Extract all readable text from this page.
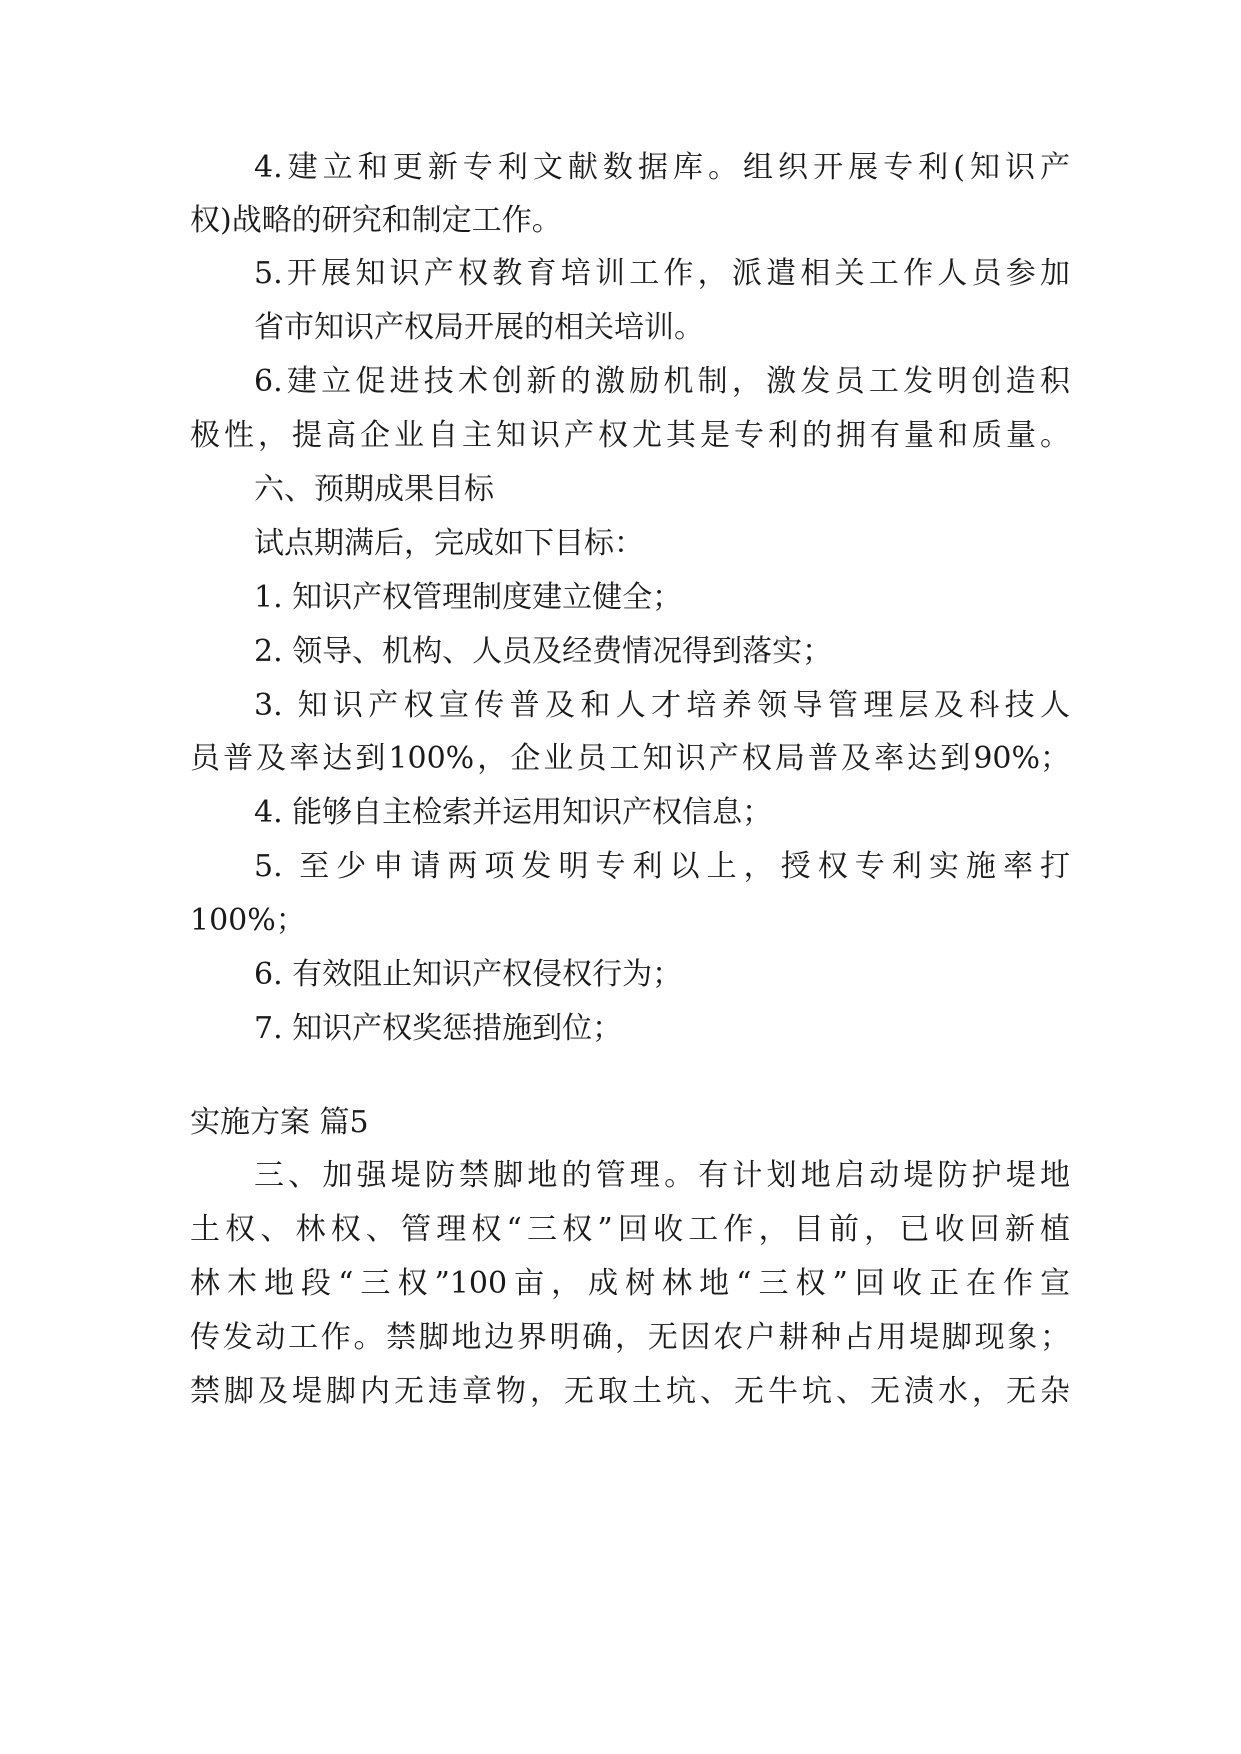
4.建立和更新专利文献数据库。组织开展专利(知识产
权)战略的研究和制定工作。
5.开展知识产权教育培训工作，派遣相关工作人员参加
省市知识产权局开展的相关培训。
6.建立促进技术创新的激励机制，激发员工发明创造积
极性，提高企业自主知识产权尤其是专利的拥有量和质量。
六、预期成果目标
试点期满后，完成如下目标：
1. 知识产权管理制度建立健全；
2. 领导、机构、人员及经费情况得到落实；
3. 知识产权宣传普及和人才培养领导管理层及科技人
员普及率达到100%，企业员工知识产权局普及率达到90%；
4. 能够自主检索并运用知识产权信息；
5. 至少申请两项发明专利以上，授权专利实施率打
100%；
6. 有效阻止知识产权侵权行为；
7. 知识产权奖惩措施到位；
实施方案 篇5
三、加强堤防禁脚地的管理。有计划地启动堤防护堤地
土权、林权、管理权“三权”回收工作，目前，已收回新植
林木地段“三权”100亩，成树林地“三权”回收正在作宣
传发动工作。禁脚地边界明确，无因农户耕种占用堤脚现象；
禁脚及堤脚内无违章物，无取土坑、无牛坑、无渍水，无杂
